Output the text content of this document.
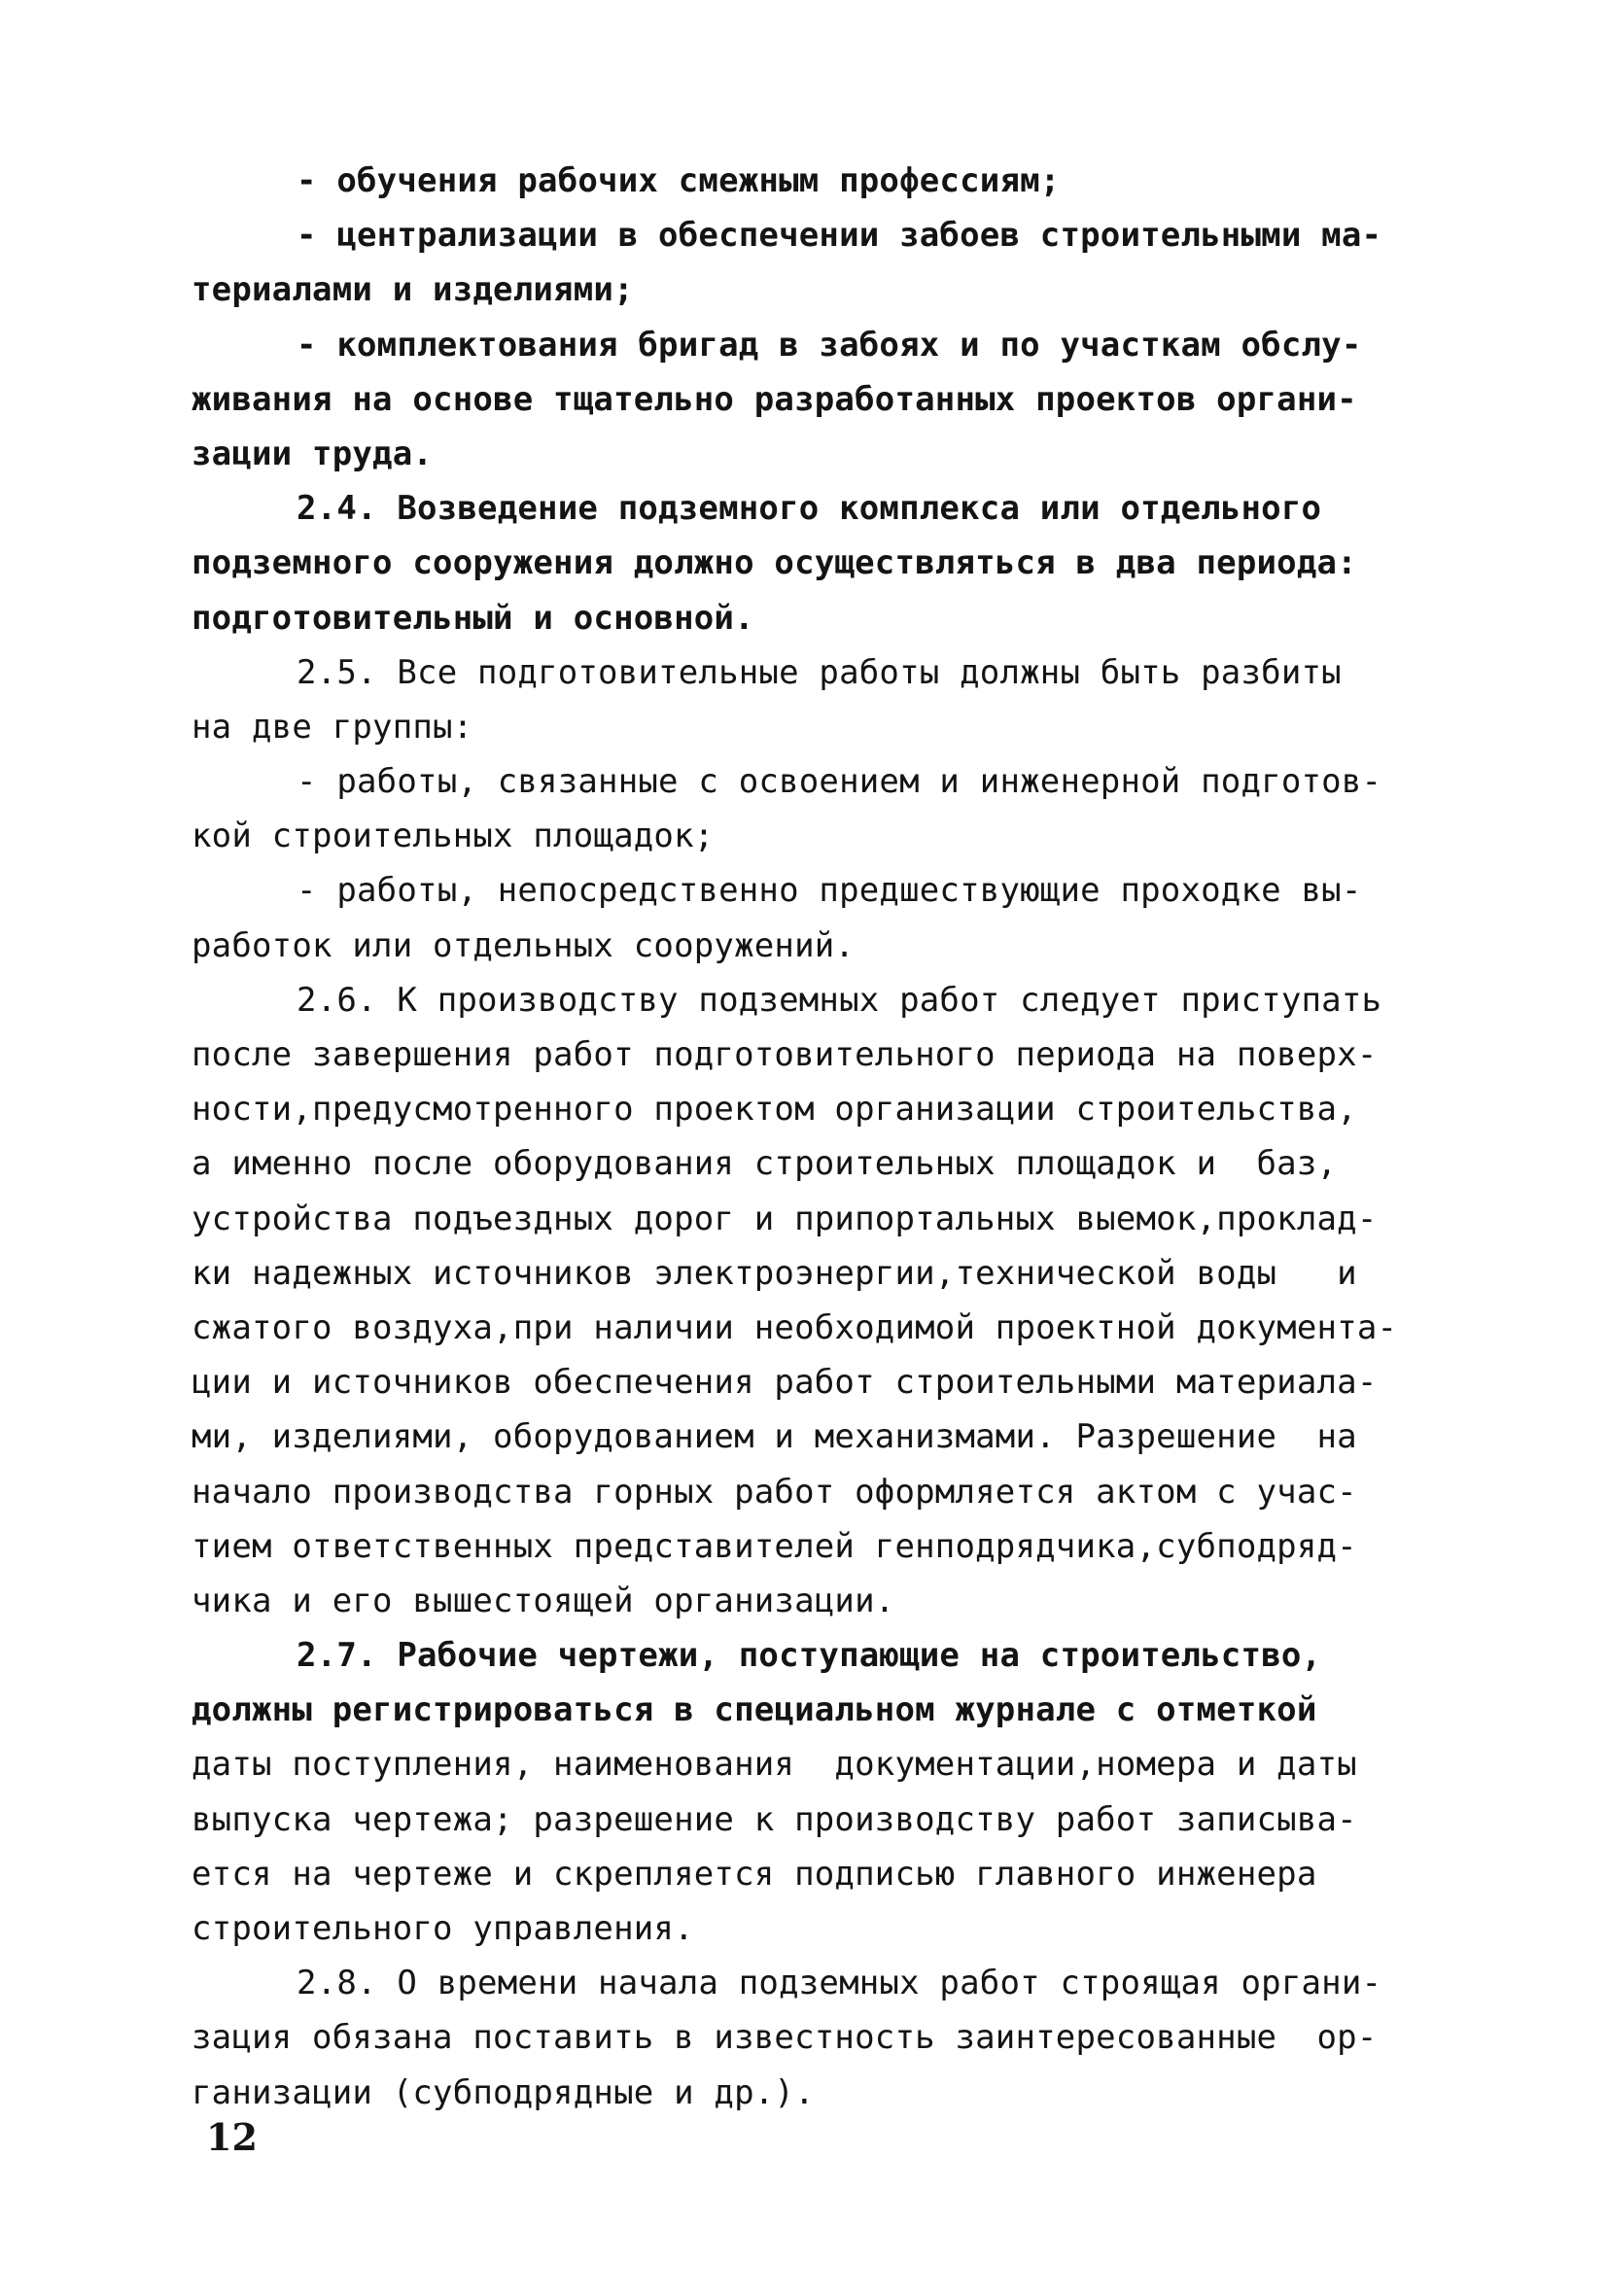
- обучения рабочих смежным профессиям;
- централизации в обеспечении забоев строительными ма-
териалами и изделиями;
- комплектования бригад в забоях и по участкам обслу-
живания на основе тщательно разработанных проектов органи-
зации труда.
2.4. Возведение подземного комплекса или отдельного
подземного сооружения должно осуществляться в два периода:
подготовительный и основной.
2.5. Все подготовительные работы должны быть разбиты
на две группы:
- работы, связанные с освоением и инженерной подготов-
кой строительных площадок;
- работы, непосредственно предшествующие проходке вы-
работок или отдельных сооружений.
2.6. К производству подземных работ следует приступать
после завершения работ подготовительного периода на поверх-
ности,предусмотренного проектом организации строительства,
а именно после оборудования строительных площадок и  баз,
устройства подъездных дорог и припортальных выемок,проклад-
ки надежных источников электроэнергии,технической воды   и
сжатого воздуха,при наличии необходимой проектной документа-
ции и источников обеспечения работ строительными материала-
ми, изделиями, оборудованием и механизмами. Разрешение  на
начало производства горных работ оформляется актом с учас-
тием ответственных представителей генподрядчика,субподряд-
чика и его вышестоящей организации.
2.7. Рабочие чертежи, поступающие на строительство,
должны регистрироваться в специальном журнале с отметкой
даты поступления, наименования  документации,номера и даты
выпуска чертежа; разрешение к производству работ записыва-
ется на чертеже и скрепляется подписью главного инженера
строительного управления.
2.8. О времени начала подземных работ строящая органи-
зация обязана поставить в известность заинтересованные  ор-
ганизации (субподрядные и др.).
12
